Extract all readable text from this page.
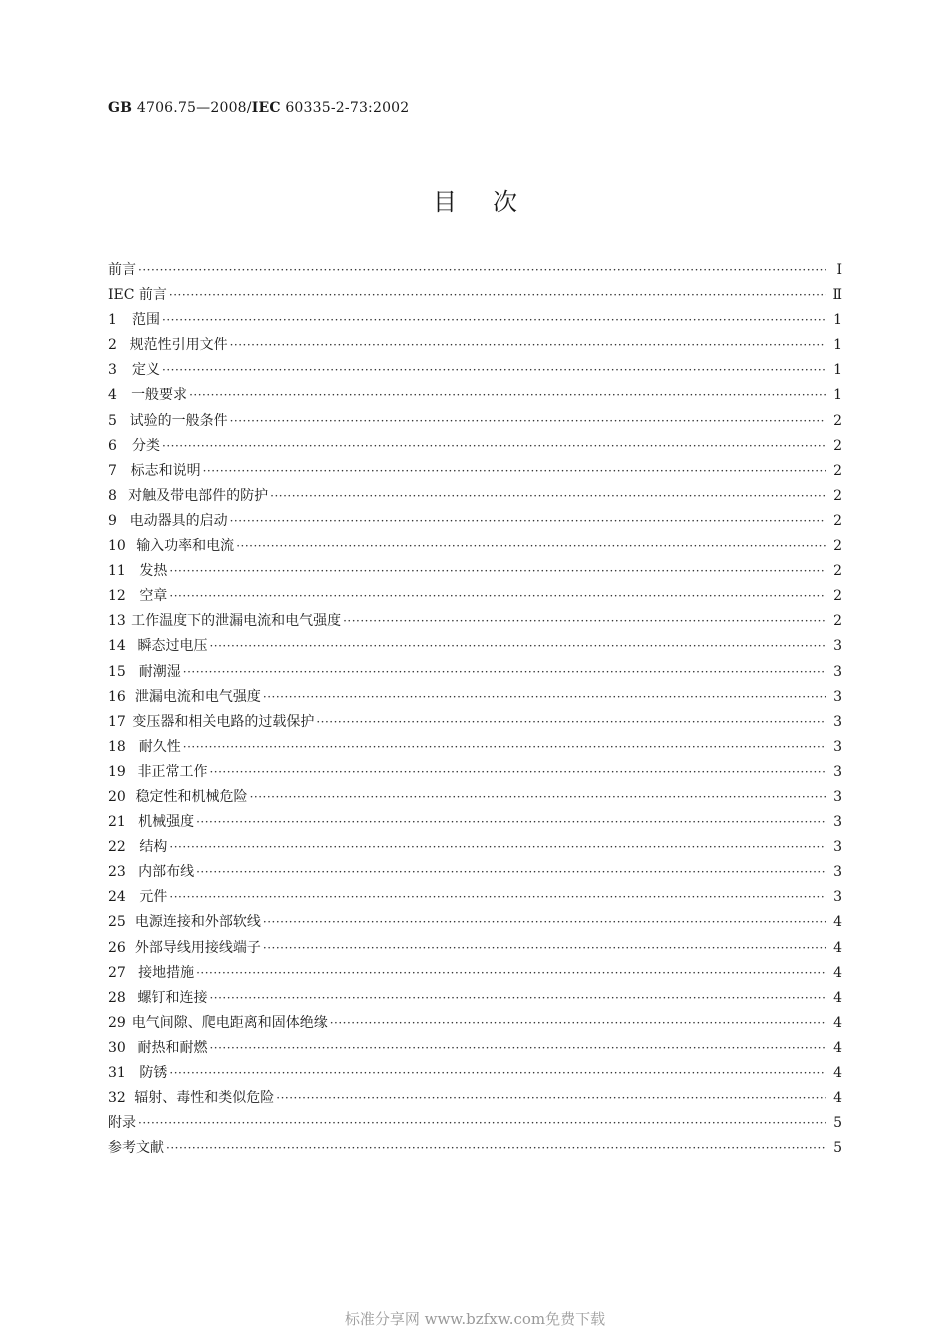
GB 4706.75—2008/IEC 60335-2-73:2002
目次
前言 ·····	Ⅰ
IEC 前言 ·····	Ⅱ
1	范围 ·····	1
2 规范性引用文件 ·····	1
3	定义 ·····	1
4	一般要求 ·····	1
5 试验的一般条件 ·····	2
6	分类 ·····	2
7 标志和说明 ·····	2
8 对触及带电部件的防护 ·····	2
9 电动器具的启动 ·····	2
10 输入功率和电流 ·····	2
11 发热 ·····	2
12 空章 ·····	2
13 工作温度下的泄漏电流和电气强度 ·····	2
14 瞬态过电压 ·····	3
15 耐潮湿 ·····	3
16 泄漏电流和电气强度 ·····	3
17 变压器和相关电路的过载保护 ·····	3
18 耐久性 ·····	3
19 非正常工作 ·····	3
20 稳定性和机械危险 ·····	3
21 机械强度 ·····	3
22 结构 ·····	3
23 内部布线 ·····	3
24 元件 ·····	3
25 电源连接和外部软线 ·····	4
26 外部导线用接线端子 ·····	4
27 接地措施 ·····	4
28 螺钉和连接 ·····	4
29 电气间隙、爬电距离和固体绝缘 ·····	4
30 耐热和耐燃 ·····	4
31 防锈 ·····	4
32 辐射、毒性和类似危险 ·····	4
附录 ·····	5
参考文献 ·····	5
标准分享网 www.bzfxw.com免费下载
